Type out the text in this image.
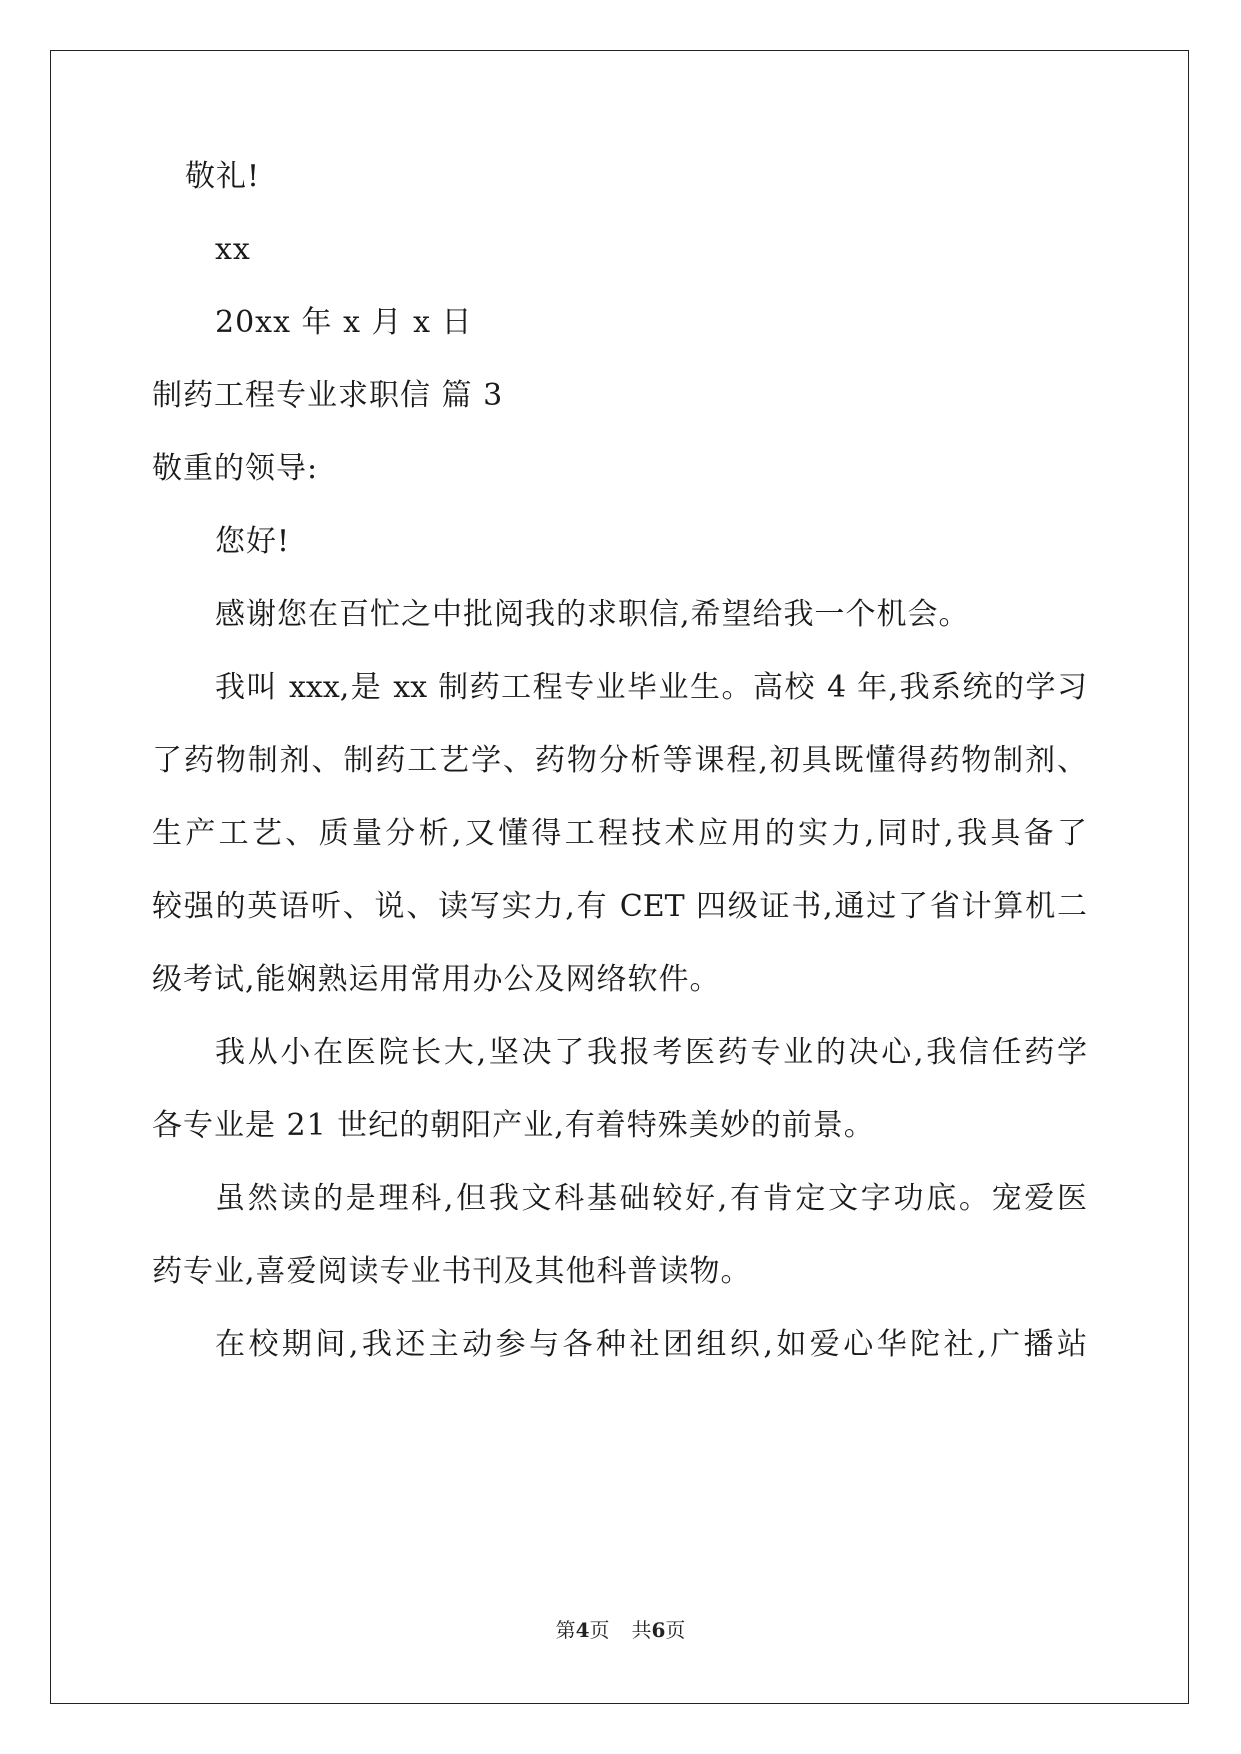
敬礼!
xx
20xx 年 x 月 x 日
制药工程专业求职信 篇 3
敬重的领导:
您好!
感谢您在百忙之中批阅我的求职信,希望给我一个机会。
我叫 xxx,是 xx 制药工程专业毕业生。高校 4 年,我系统的学习
了药物制剂、制药工艺学、药物分析等课程,初具既懂得药物制剂、
生产工艺、质量分析,又懂得工程技术应用的实力,同时,我具备了
较强的英语听、说、读写实力,有 CET 四级证书,通过了省计算机二
级考试,能娴熟运用常用办公及网络软件。
我从小在医院长大,坚决了我报考医药专业的决心,我信任药学
各专业是 21 世纪的朝阳产业,有着特殊美妙的前景。
虽然读的是理科,但我文科基础较好,有肯定文字功底。宠爱医
药专业,喜爱阅读专业书刊及其他科普读物。
在校期间,我还主动参与各种社团组织,如爱心华陀社,广播站
第4页 共6页
